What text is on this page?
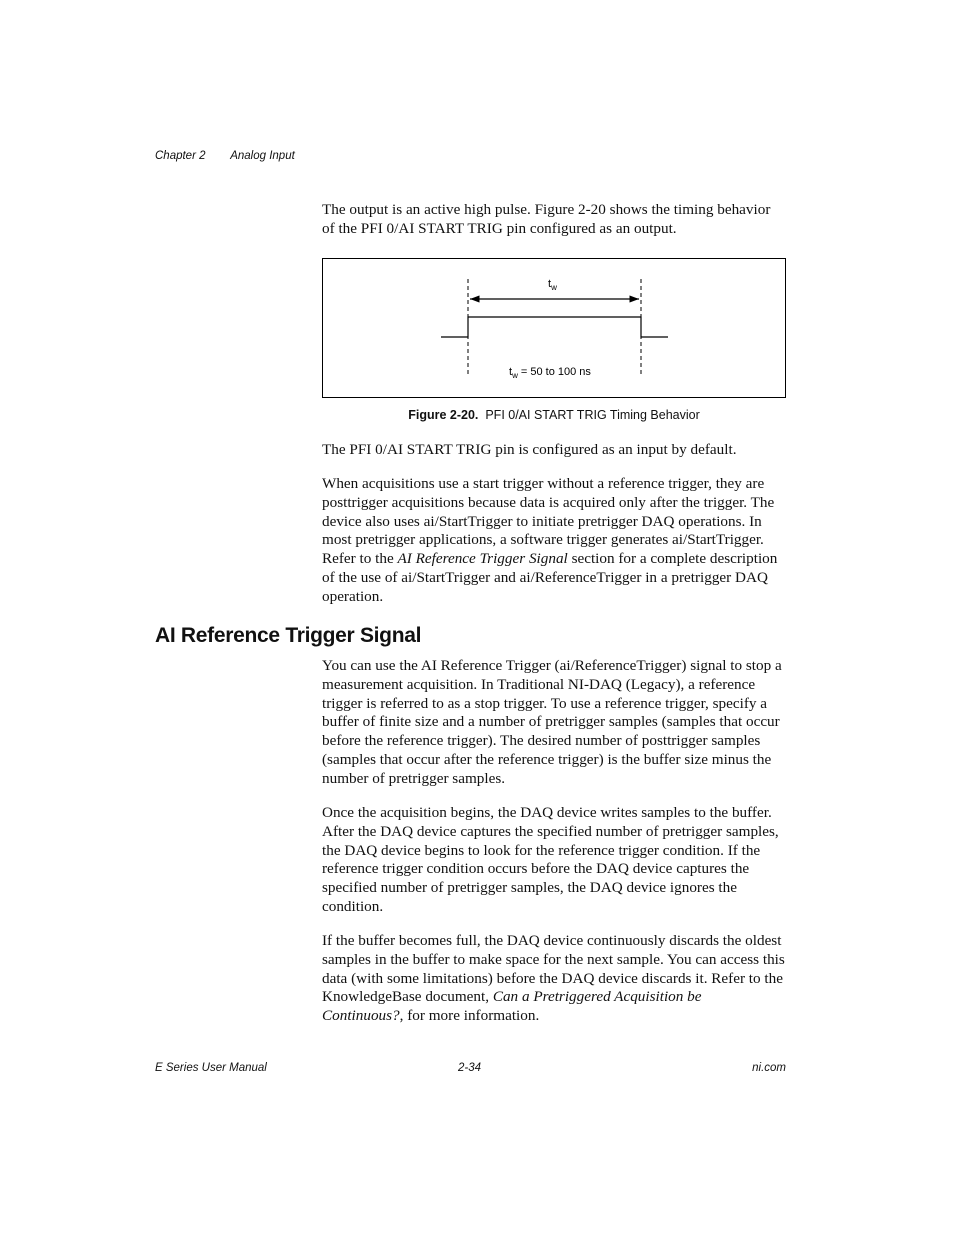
Chapter 2 Analog Input

The output is an active high pulse. Figure 2-20 shows the timing behavior of the PFI 0/AI START TRIG pin configured as an output.

$t_w$
$t_w = 50$ to 100 ns
Figure 2-20. PFI 0/AI START TRIG Timing Behavior

The PFI 0/AI START TRIG pin is configured as an input by default.

When acquisitions use a start trigger without a reference trigger, they are posttrigger acquisitions because data is acquired only after the trigger. The device also uses ai/StartTrigger to initiate pretrigger DAQ operations. In most pretrigger applications, a software trigger generates ai/StartTrigger. Refer to the AI Reference Trigger Signal section for a complete description of the use of ai/StartTrigger and ai/ReferenceTrigger in a pretrigger DAQ operation.

AI Reference Trigger Signal

You can use the AI Reference Trigger (ai/ReferenceTrigger) signal to stop a measurement acquisition. In Traditional NI-DAQ (Legacy), a reference trigger is referred to as a stop trigger. To use a reference trigger, specify a buffer of finite size and a number of pretrigger samples (samples that occur before the reference trigger). The desired number of posttrigger samples (samples that occur after the reference trigger) is the buffer size minus the number of pretrigger samples.

Once the acquisition begins, the DAQ device writes samples to the buffer. After the DAQ device captures the specified number of pretrigger samples, the DAQ device begins to look for the reference trigger condition. If the reference trigger condition occurs before the DAQ device captures the specified number of pretrigger samples, the DAQ device ignores the condition.

If the buffer becomes full, the DAQ device continuously discards the oldest samples in the buffer to make space for the next sample. You can access this data (with some limitations) before the DAQ device discards it. Refer to the KnowledgeBase document, Can a Pretriggered Acquisition be Continuous?, for more information.

E Series User Manual	2-34	ni.com
